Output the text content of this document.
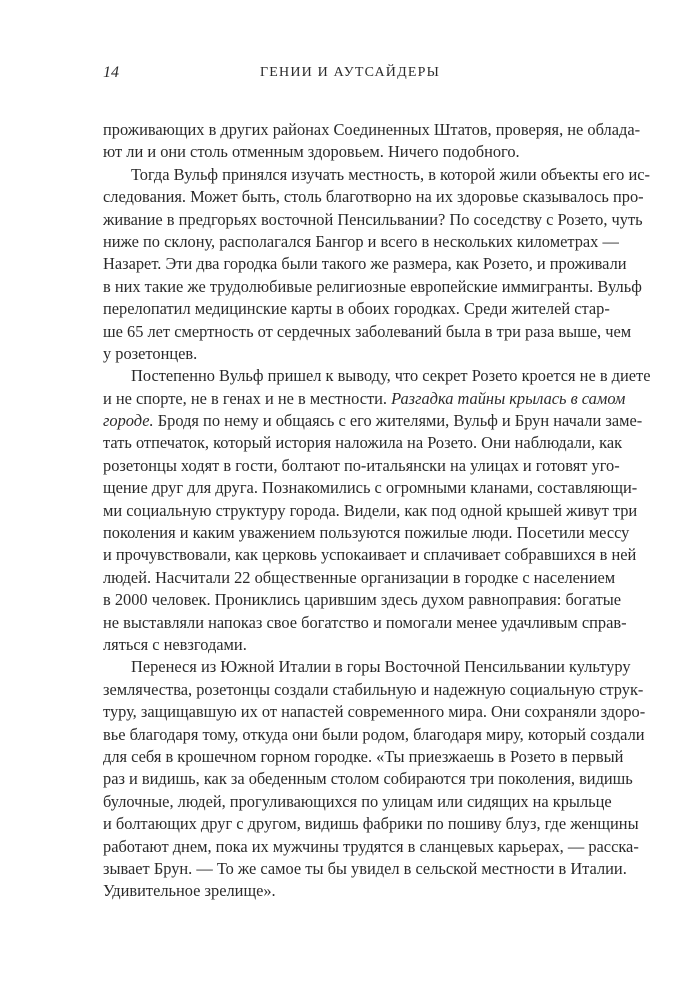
14	ГЕНИИ И АУТСАЙДЕРЫ
проживающих в других районах Соединенных Штатов, проверяя, не облада-
ют ли и они столь отменным здоровьем. Ничего подобного.
Тогда Вульф принялся изучать местность, в которой жили объекты его ис-
следования. Может быть, столь благотворно на их здоровье сказывалось про-
живание в предгорьях восточной Пенсильвании? По соседству с Розето, чуть
ниже по склону, располагался Бангор и всего в нескольких километрах —
Назарет. Эти два городка были такого же размера, как Розето, и проживали
в них такие же трудолюбивые религиозные европейские иммигранты. Вульф
перелопатил медицинские карты в обоих городках. Среди жителей стар-
ше 65 лет смертность от сердечных заболеваний была в три раза выше, чем
у розетонцев.
Постепенно Вульф пришел к выводу, что секрет Розето кроется не в диете
и не спорте, не в генах и не в местности. Разгадка тайны крылась в самом
городе. Бродя по нему и общаясь с его жителями, Вульф и Брун начали заме-
тать отпечаток, который история наложила на Розето. Они наблюдали, как
розетонцы ходят в гости, болтают по-итальянски на улицах и готовят уго-
щение друг для друга. Познакомились с огромными кланами, составляющи-
ми социальную структуру города. Видели, как под одной крышей живут три
поколения и каким уважением пользуются пожилые люди. Посетили мессу
и прочувствовали, как церковь успокаивает и сплачивает собравшихся в ней
людей. Насчитали 22 общественные организации в городке с населением
в 2000 человек. Прониклись царившим здесь духом равноправия: богатые
не выставляли напоказ свое богатство и помогали менее удачливым справ-
ляться с невзгодами.
Перенеся из Южной Италии в горы Восточной Пенсильвании культуру
землячества, розетонцы создали стабильную и надежную социальную струк-
туру, защищавшую их от напастей современного мира. Они сохраняли здоро-
вье благодаря тому, откуда они были родом, благодаря миру, который создали
для себя в крошечном горном городке. «Ты приезжаешь в Розето в первый
раз и видишь, как за обеденным столом собираются три поколения, видишь
булочные, людей, прогуливающихся по улицам или сидящих на крыльце
и болтающих друг с другом, видишь фабрики по пошиву блуз, где женщины
работают днем, пока их мужчины трудятся в сланцевых карьерах, — расска-
зывает Брун. — То же самое ты бы увидел в сельской местности в Италии.
Удивительное зрелище».
